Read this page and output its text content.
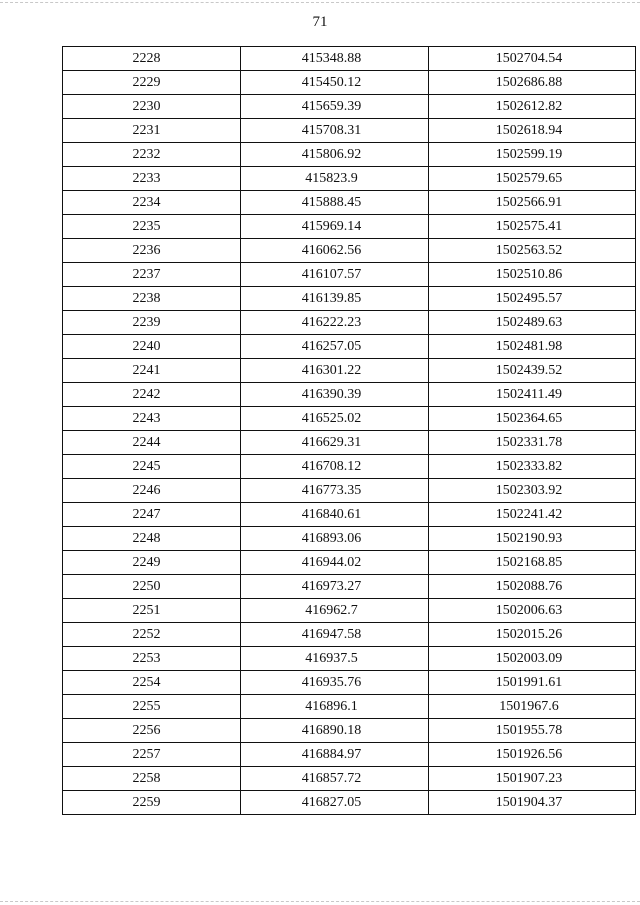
71
2228	415348.88	1502704.54
2229	415450.12	1502686.88
2230	415659.39	1502612.82
2231	415708.31	1502618.94
2232	415806.92	1502599.19
2233	415823.9	1502579.65
2234	415888.45	1502566.91
2235	415969.14	1502575.41
2236	416062.56	1502563.52
2237	416107.57	1502510.86
2238	416139.85	1502495.57
2239	416222.23	1502489.63
2240	416257.05	1502481.98
2241	416301.22	1502439.52
2242	416390.39	1502411.49
2243	416525.02	1502364.65
2244	416629.31	1502331.78
2245	416708.12	1502333.82
2246	416773.35	1502303.92
2247	416840.61	1502241.42
2248	416893.06	1502190.93
2249	416944.02	1502168.85
2250	416973.27	1502088.76
2251	416962.7	1502006.63
2252	416947.58	1502015.26
2253	416937.5	1502003.09
2254	416935.76	1501991.61
2255	416896.1	1501967.6
2256	416890.18	1501955.78
2257	416884.97	1501926.56
2258	416857.72	1501907.23
2259	416827.05	1501904.37
